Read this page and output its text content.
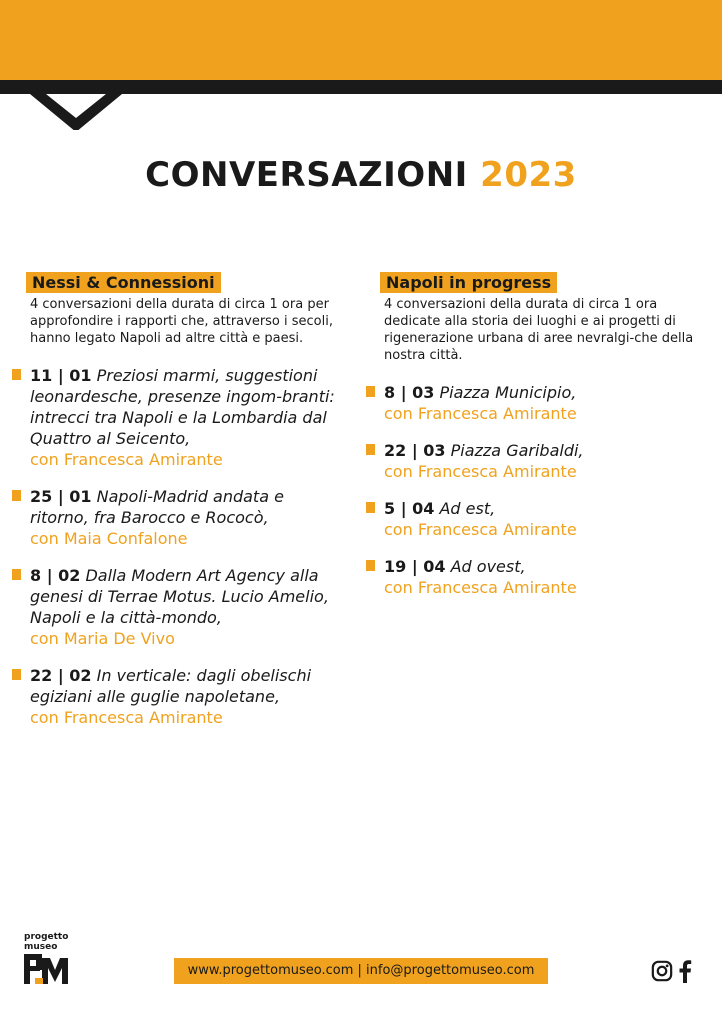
CONVERSAZIONI 2023
Nessi & Connessioni
4 conversazioni della durata di circa 1 ora per approfondire i rapporti che, attraverso i secoli, hanno legato Napoli ad altre città e paesi.
11 | 01 Preziosi marmi, suggestioni leonardesche, presenze ingom-branti: intrecci tra Napoli e la Lombardia dal Quattro al Seicento,
con Francesca Amirante
25 | 01 Napoli-Madrid andata e ritorno, fra Barocco e Rococò,
con Maia Confalone
8 | 02 Dalla Modern Art Agency alla genesi di Terrae Motus. Lucio Amelio, Napoli e la città-mondo,
con Maria De Vivo
22 | 02 In verticale: dagli obelischi egiziani alle guglie napoletane,
con Francesca Amirante
Napoli in progress
4 conversazioni della durata di circa 1 ora dedicate alla storia dei luoghi e ai progetti di rigenerazione urbana di aree nevralgi-che della nostra città.
8 | 03 Piazza Municipio,
con Francesca Amirante
22 | 03 Piazza Garibaldi,
con Francesca Amirante
5 | 04 Ad est,
con Francesca Amirante
19 | 04 Ad ovest,
con Francesca Amirante
progetto
museo
www.progettomuseo.com | info@progettomuseo.com
